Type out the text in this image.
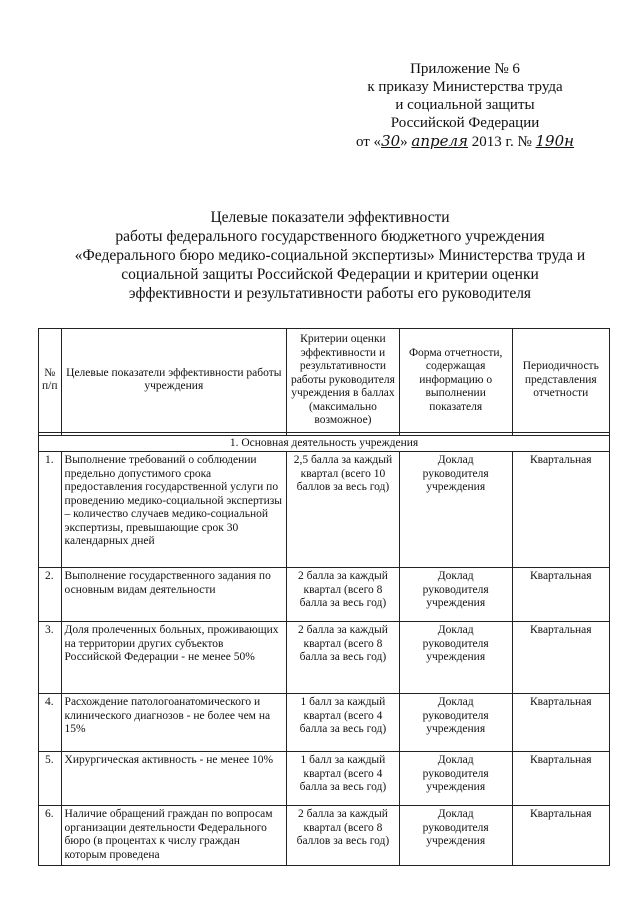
Приложение № 6
к приказу Министерства труда
и социальной защиты
Российской Федерации
от «30» апреля 2013 г. № 190н
Целевые показатели эффективности
работы федерального государственного бюджетного учреждения
«Федерального бюро медико-социальной экспертизы» Министерства труда и
социальной защиты Российской Федерации и критерии оценки
эффективности и результативности работы его руководителя
№ п/п	Целевые показатели эффективности работы учреждения	Критерии оценки эффективности и результативности работы руководителя учреждения в баллах (максимально возможное)	Форма отчетности, содержащая информацию о выполнении показателя	Периодичность представления отчетности

1. Основная деятельность учреждения				
1.	Выполнение требований о соблюдении предельно допустимого срока предоставления государственной услуги по проведению медико-социальной экспертизы – количество случаев медико-социальной экспертизы, превышающие срок 30 календарных дней	2,5 балла за каждый квартал (всего 10 баллов за весь год)	Доклад руководителя учреждения	Квартальная
2.	Выполнение государственного задания по основным видам деятельности	2 балла за каждый квартал (всего 8 балла за весь год)	Доклад руководителя учреждения	Квартальная
3.	Доля пролеченных больных, проживающих на территории других субъектов Российской Федерации - не менее 50%	2 балла за каждый квартал (всего 8 балла за весь год)	Доклад руководителя учреждения	Квартальная
4.	Расхождение патологоанатомического и клинического диагнозов - не более чем на 15%	1 балл за каждый квартал (всего 4 балла за весь год)	Доклад руководителя учреждения	Квартальная
5.	Хирургическая активность - не менее 10%	1 балл за каждый квартал (всего 4 балла за весь год)	Доклад руководителя учреждения	Квартальная
6.	Наличие обращений граждан по вопросам организации деятельности Федерального бюро (в процентах к числу граждан которым проведена	2 балла за каждый квартал (всего 8 баллов за весь год)	Доклад руководителя учреждения	Квартальная
